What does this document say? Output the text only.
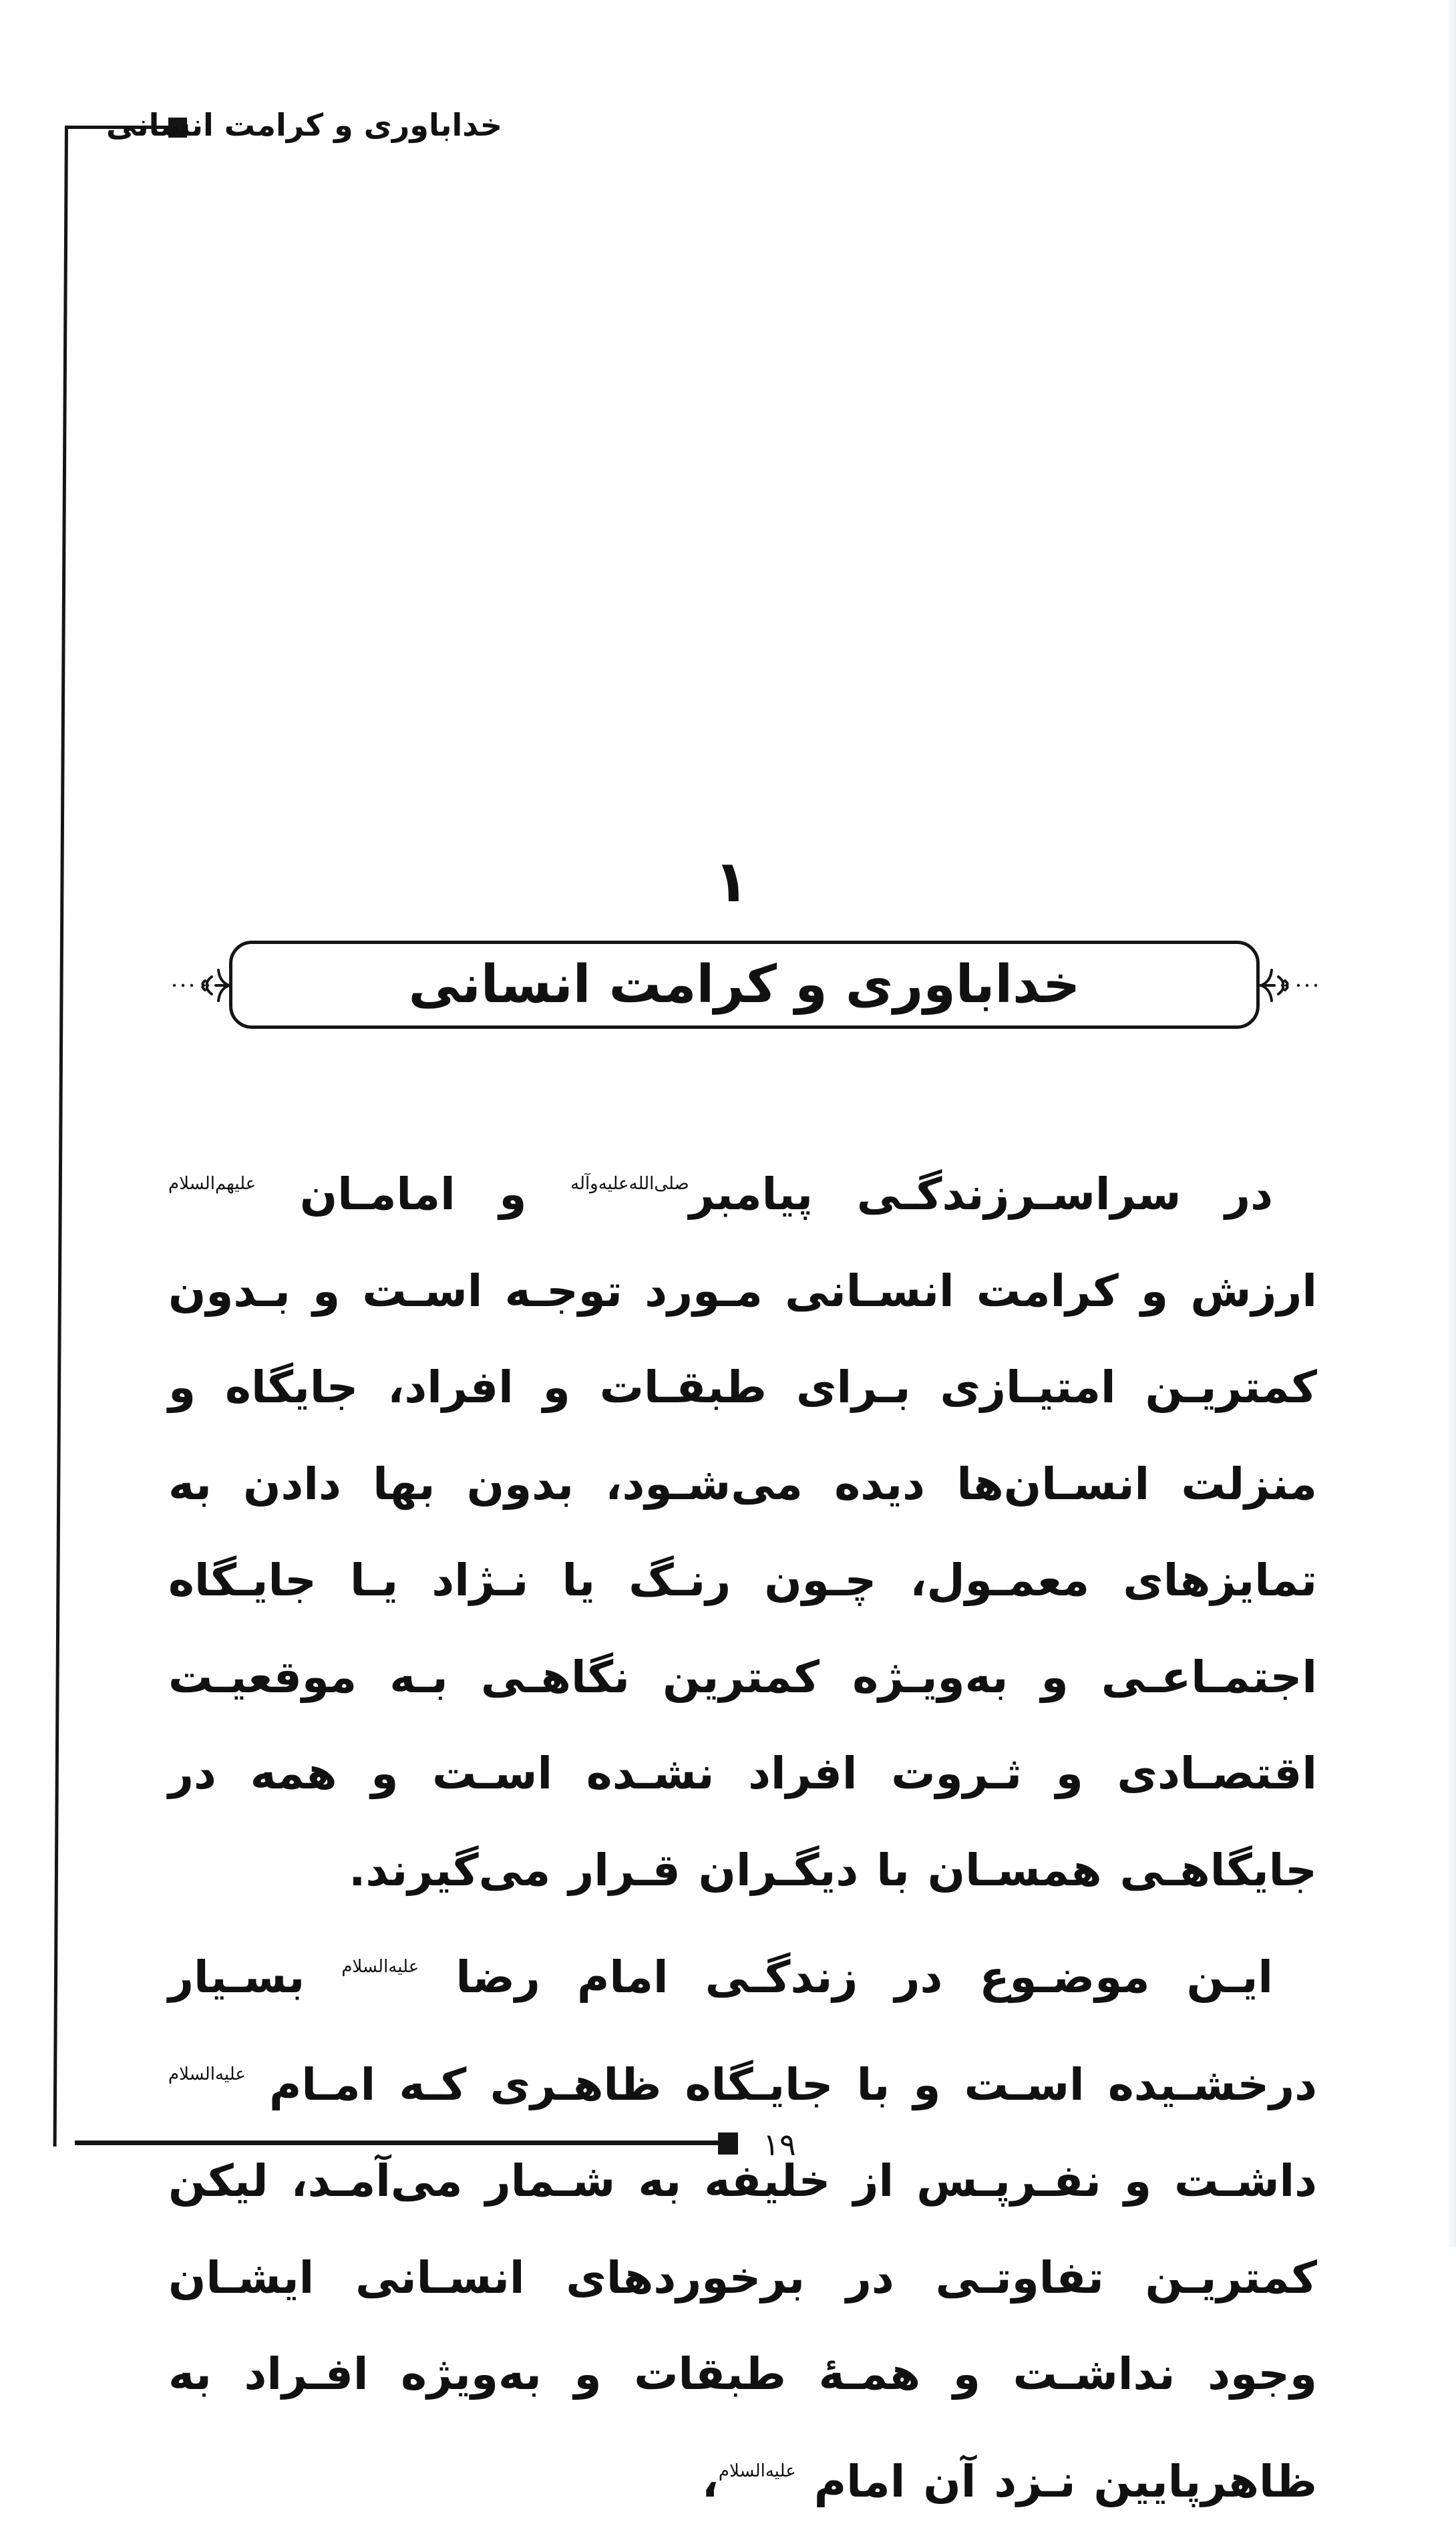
خداباوری و کرامت انسانی
۱
خداباوری و کرامت انسانی

در سراسـرزندگـی پیامبر$^{صلی‌الله‌علیه‌وآله}$ و امامـان $^{علیهم‌السلام}$ ارزش و کرامت انسـانی مـورد توجـه اسـت و بـدون کمتریـن امتیـازی بـرای طبقـات و افراد، جایگاه و منزلت انسـان‌ها دیده می‌شـود، بدون بها دادن به تمایزهای معمـول، چـون رنـگ یا نـژاد یـا جایـگاه اجتمـاعـی و به‌ویـژه کمترین نگاهـی بـه موقعیـت اقتصـادی و ثـروت افراد نشـده اسـت و همه در جایگاهـی همسـان با دیگـران قـرار می‌گیرند.

ایـن موضـوع در زندگـی امام رضا $^{علیه‌السلام}$ بسـیار درخشـیده اسـت و با جایـگاه ظاهـری کـه امـام $^{علیه‌السلام}$ داشـت و نفـرپـس از خلیفه به شـمار می‌آمـد، لیکن کمتریـن تفاوتـی در برخوردهای انسـانی ایشـان وجود نداشـت و همـهٔ طبقات و به‌ویژه افـراد به ظاهرپایین نـزد آن امام $^{علیه‌السلام}$،

۱۹
